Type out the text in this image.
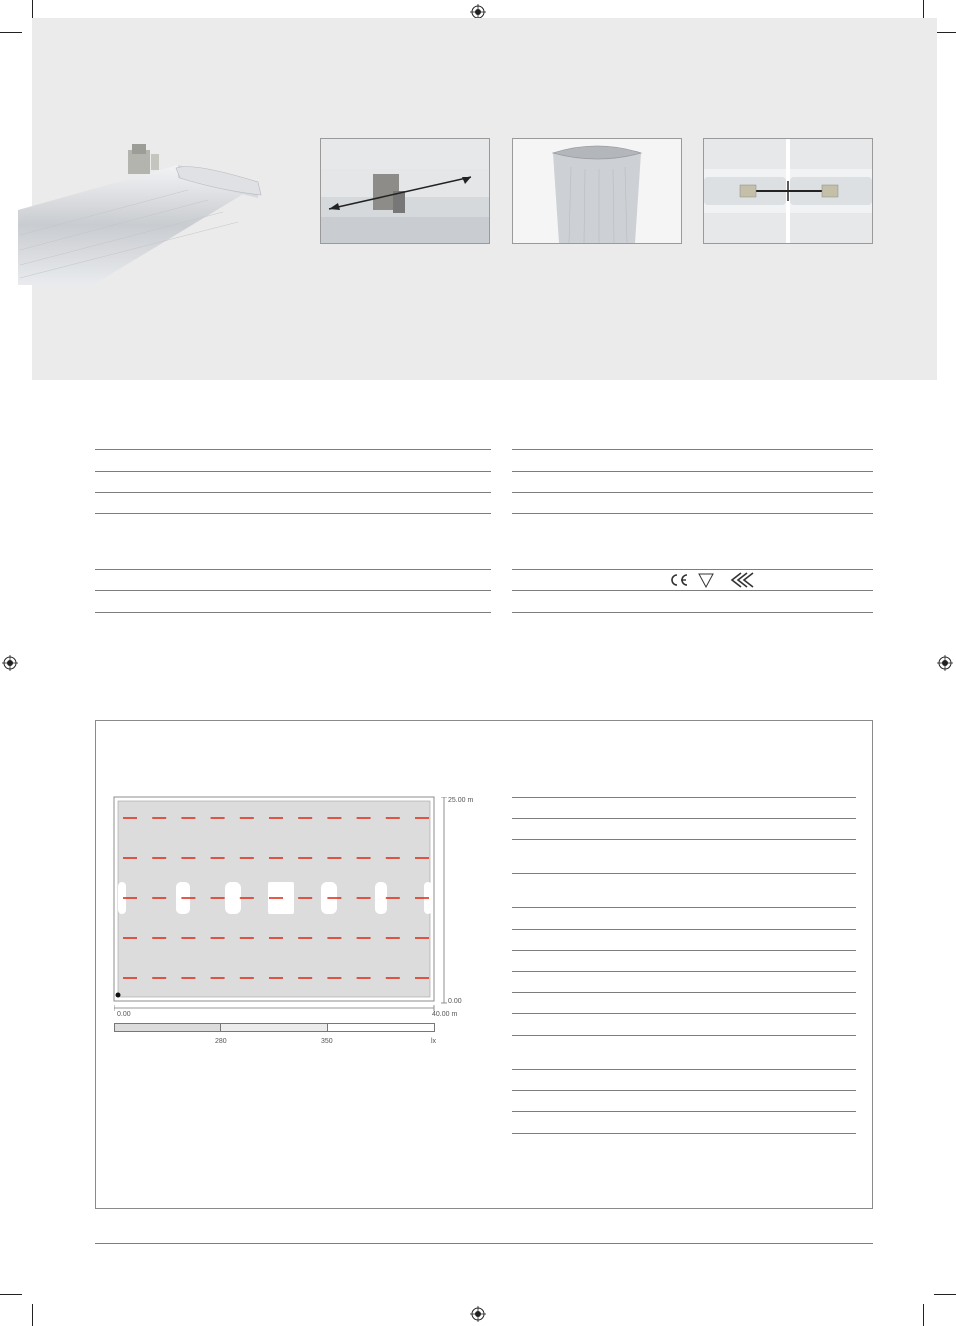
25.00 m
0.00
0.00	40.00 m
280	350	lx
